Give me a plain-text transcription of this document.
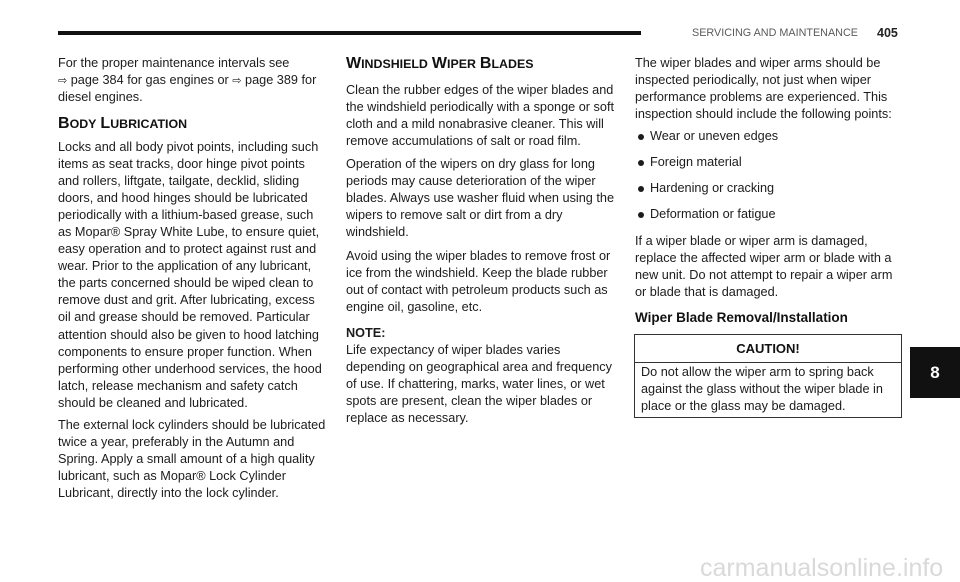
SERVICING AND MAINTENANCE 405
For the proper maintenance intervals see
⇨ page 384 for gas engines or ⇨ page 389 for
diesel engines.
BODY LUBRICATION
Locks and all body pivot points, including such
items as seat tracks, door hinge pivot points
and rollers, liftgate, tailgate, decklid, sliding
doors, and hood hinges should be lubricated
periodically with a lithium-based grease, such
as Mopar® Spray White Lube, to ensure quiet,
easy operation and to protect against rust and
wear. Prior to the application of any lubricant,
the parts concerned should be wiped clean to
remove dust and grit. After lubricating, excess
oil and grease should be removed. Particular
attention should also be given to hood latching
components to ensure proper function. When
performing other underhood services, the hood
latch, release mechanism and safety catch
should be cleaned and lubricated.
The external lock cylinders should be lubricated
twice a year, preferably in the Autumn and
Spring. Apply a small amount of a high quality
lubricant, such as Mopar® Lock Cylinder
Lubricant, directly into the lock cylinder.
WINDSHIELD WIPER BLADES
Clean the rubber edges of the wiper blades and
the windshield periodically with a sponge or soft
cloth and a mild nonabrasive cleaner. This will
remove accumulations of salt or road film.
Operation of the wipers on dry glass for long
periods may cause deterioration of the wiper
blades. Always use washer fluid when using the
wipers to remove salt or dirt from a dry
windshield.
Avoid using the wiper blades to remove frost or
ice from the windshield. Keep the blade rubber
out of contact with petroleum products such as
engine oil, gasoline, etc.
NOTE:
Life expectancy of wiper blades varies
depending on geographical area and frequency
of use. If chattering, marks, water lines, or wet
spots are present, clean the wiper blades or
replace as necessary.
The wiper blades and wiper arms should be
inspected periodically, not just when wiper
performance problems are experienced. This
inspection should include the following points:
Wear or uneven edges
Foreign material
Hardening or cracking
Deformation or fatigue
If a wiper blade or wiper arm is damaged,
replace the affected wiper arm or blade with a
new unit. Do not attempt to repair a wiper arm
or blade that is damaged.
Wiper Blade Removal/Installation
CAUTION!
Do not allow the wiper arm to spring back
against the glass without the wiper blade in
place or the glass may be damaged.
8
carmanualsonline.info
